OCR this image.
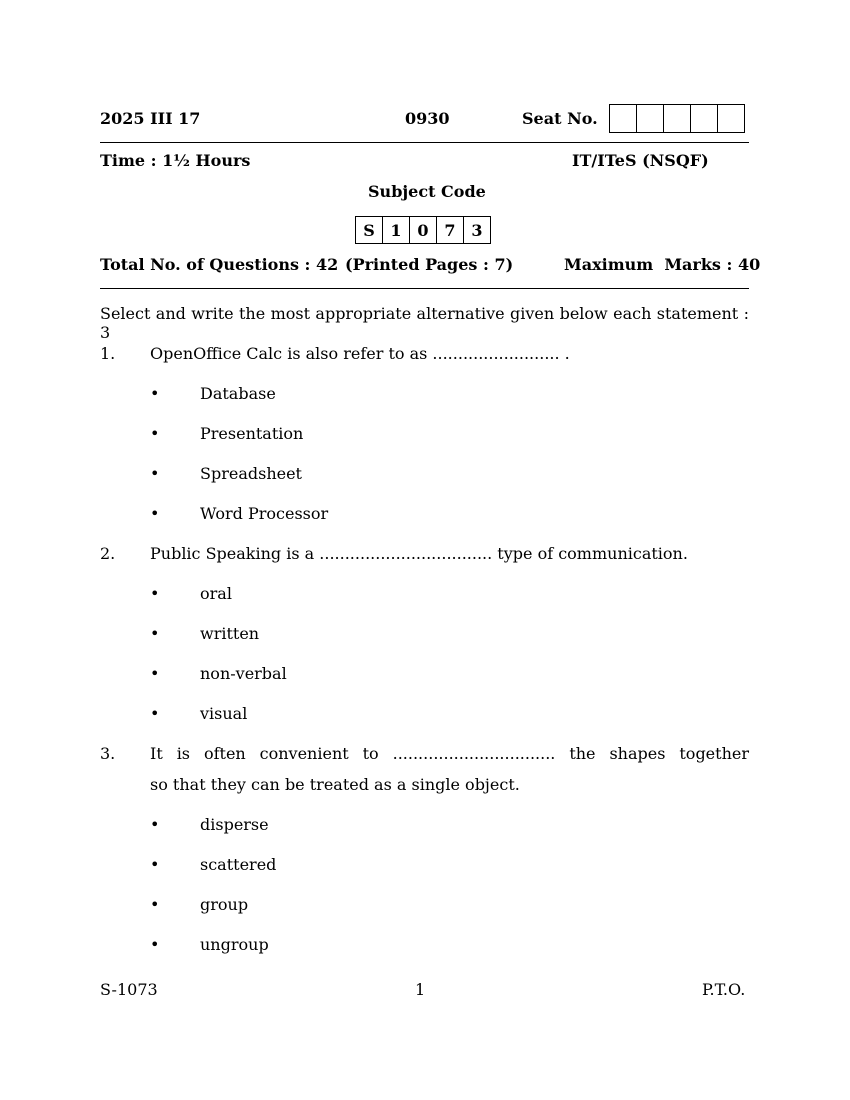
2025 III 17	0930	Seat No.
Time : 1½ Hours	IT/ITeS (NSQF)
Subject Code
S 1 0 7 3
Total No. of Questions : 42 (Printed Pages : 7)	Maximum  Marks : 40
Select and write the most appropriate alternative given below each statement : 3
1. OpenOffice Calc is also refer to as ......................... .
•	Database
•	Presentation
•	Spreadsheet
•	Word Processor
2. Public Speaking is a .................................. type of communication.
•	oral
•	written
•	non-verbal
•	visual
3. It is often convenient to ................................ the shapes together
so that they can be treated as a single object.
•	disperse
•	scattered
•	group
•	ungroup
S-1073	1	P.T.O.
